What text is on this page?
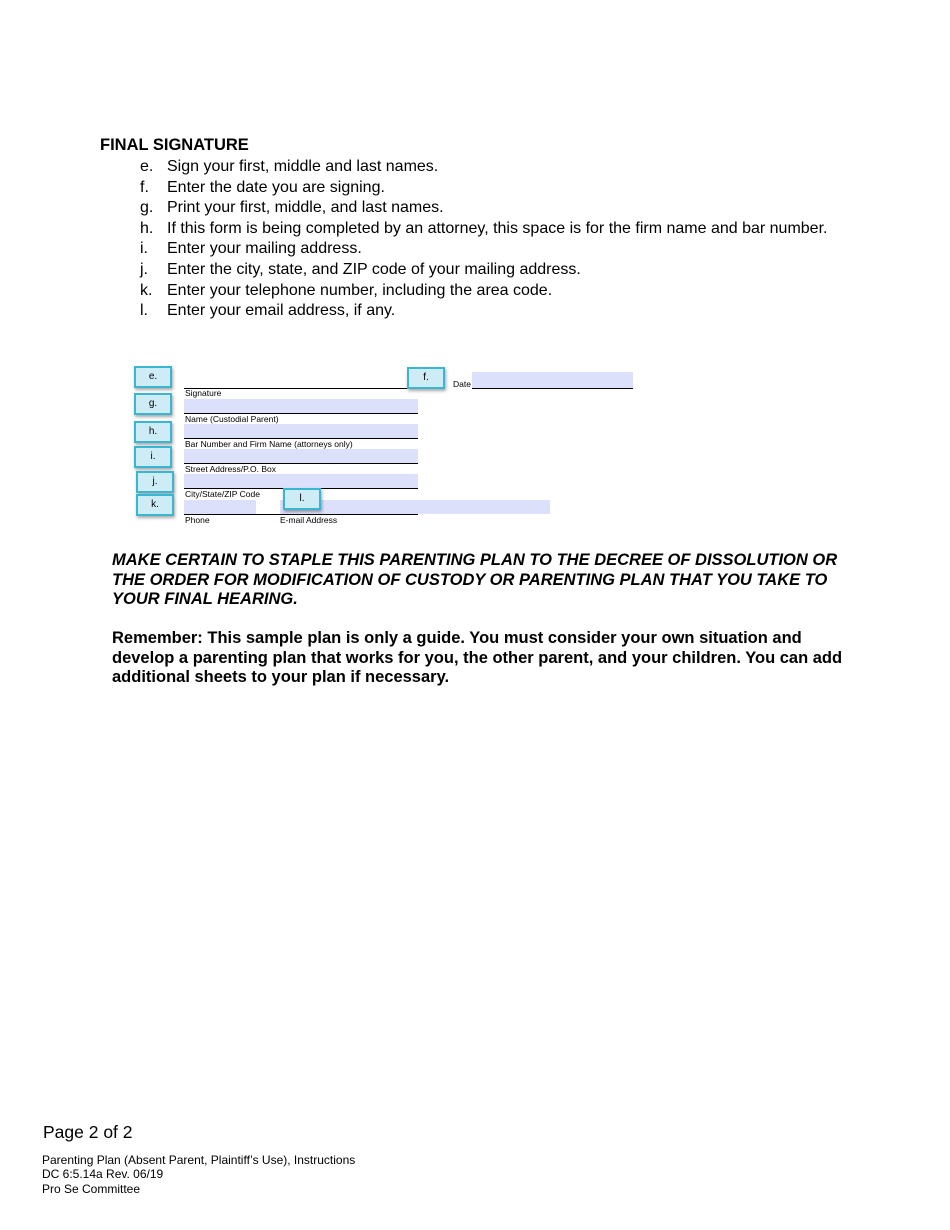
FINAL SIGNATURE
e. Sign your first, middle and last names.
f. Enter the date you are signing.
g. Print your first, middle, and last names.
h. If this form is being completed by an attorney, this space is for the firm name and bar number.
i. Enter your mailing address.
j. Enter the city, state, and ZIP code of your mailing address.
k. Enter your telephone number, including the area code.
l. Enter your email address, if any.
Signature
Date
Name (Custodial Parent)
Bar Number and Firm Name (attorneys only)
Street Address/P.O. Box
City/State/ZIP Code
Phone	E-mail Address
e.	f.
g.
h.
i.
j.
k.
l.
MAKE CERTAIN TO STAPLE THIS PARENTING PLAN TO THE DECREE OF DISSOLUTION OR THE ORDER FOR MODIFICATION OF CUSTODY OR PARENTING PLAN THAT YOU TAKE TO YOUR FINAL HEARING.
Remember: This sample plan is only a guide. You must consider your own situation and develop a parenting plan that works for you, the other parent, and your children. You can add additional sheets to your plan if necessary.
Page 2 of 2
Parenting Plan (Absent Parent, Plaintiff’s Use), Instructions
DC 6:5.14a Rev. 06/19
Pro Se Committee
